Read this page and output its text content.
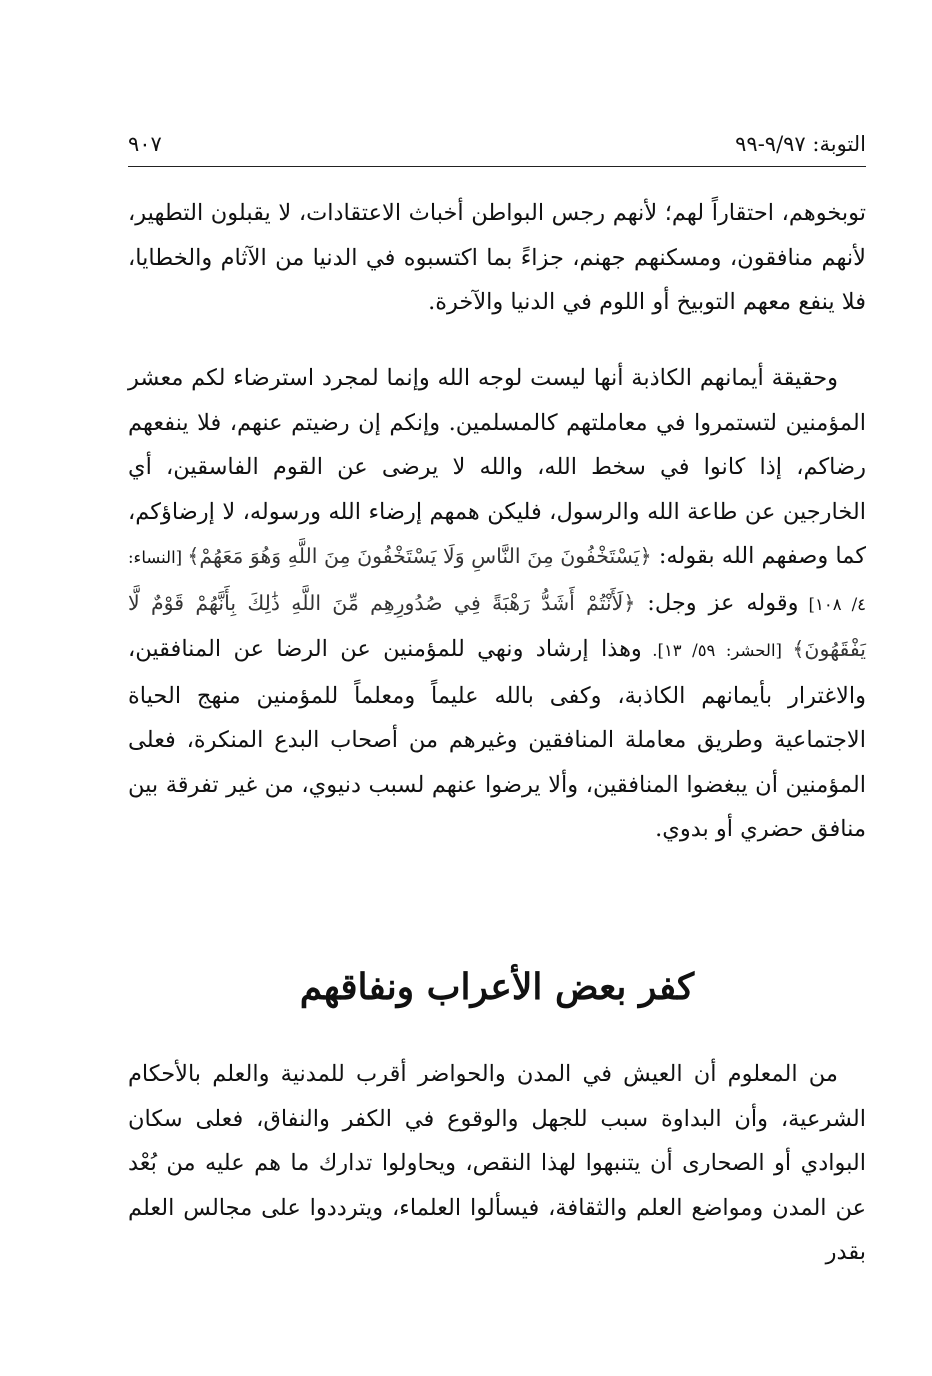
التوبة: ٩/٩٧-٩٩
٩٠٧

توبخوهم، احتقاراً لهم؛ لأنهم رجس البواطن أخباث الاعتقادات، لا يقبلون التطهير، لأنهم منافقون، ومسكنهم جهنم، جزاءً بما اكتسبوه في الدنيا من الآثام والخطايا، فلا ينفع معهم التوبيخ أو اللوم في الدنيا والآخرة.

وحقيقة أيمانهم الكاذبة أنها ليست لوجه الله وإنما لمجرد استرضاء لكم معشر المؤمنين لتستمروا في معاملتهم كالمسلمين. وإنكم إن رضيتم عنهم، فلا ينفعهم رضاكم، إذا كانوا في سخط الله، والله لا يرضى عن القوم الفاسقين، أي الخارجين عن طاعة الله والرسول، فليكن همهم إرضاء الله ورسوله، لا إرضاؤكم، كما وصفهم الله بقوله: ﴿يَسْتَخْفُونَ مِنَ النَّاسِ وَلَا يَسْتَخْفُونَ مِنَ اللَّهِ وَهُوَ مَعَهُمْ﴾ [النساء: ٤/ ١٠٨] وقوله عز وجل: ﴿لَأَنْتُمْ أَشَدُّ رَهْبَةً فِي صُدُورِهِم مِّنَ اللَّهِ ذَٰلِكَ بِأَنَّهُمْ قَوْمٌ لَّا يَفْقَهُونَ﴾ [الحشر: ٥٩/ ١٣]. وهذا إرشاد ونهي للمؤمنين عن الرضا عن المنافقين، والاغترار بأيمانهم الكاذبة، وكفى بالله عليماً ومعلماً للمؤمنين منهج الحياة الاجتماعية وطريق معاملة المنافقين وغيرهم من أصحاب البدع المنكرة، فعلى المؤمنين أن يبغضوا المنافقين، وألا يرضوا عنهم لسبب دنيوي، من غير تفرقة بين منافق حضري أو بدوي.

كفر بعض الأعراب ونفاقهم

من المعلوم أن العيش في المدن والحواضر أقرب للمدنية والعلم بالأحكام الشرعية، وأن البداوة سبب للجهل والوقوع في الكفر والنفاق، فعلى سكان البوادي أو الصحارى أن يتنبهوا لهذا النقص، ويحاولوا تدارك ما هم عليه من بُعْد عن المدن ومواضع العلم والثقافة، فيسألوا العلماء، ويترددوا على مجالس العلم بقدر
